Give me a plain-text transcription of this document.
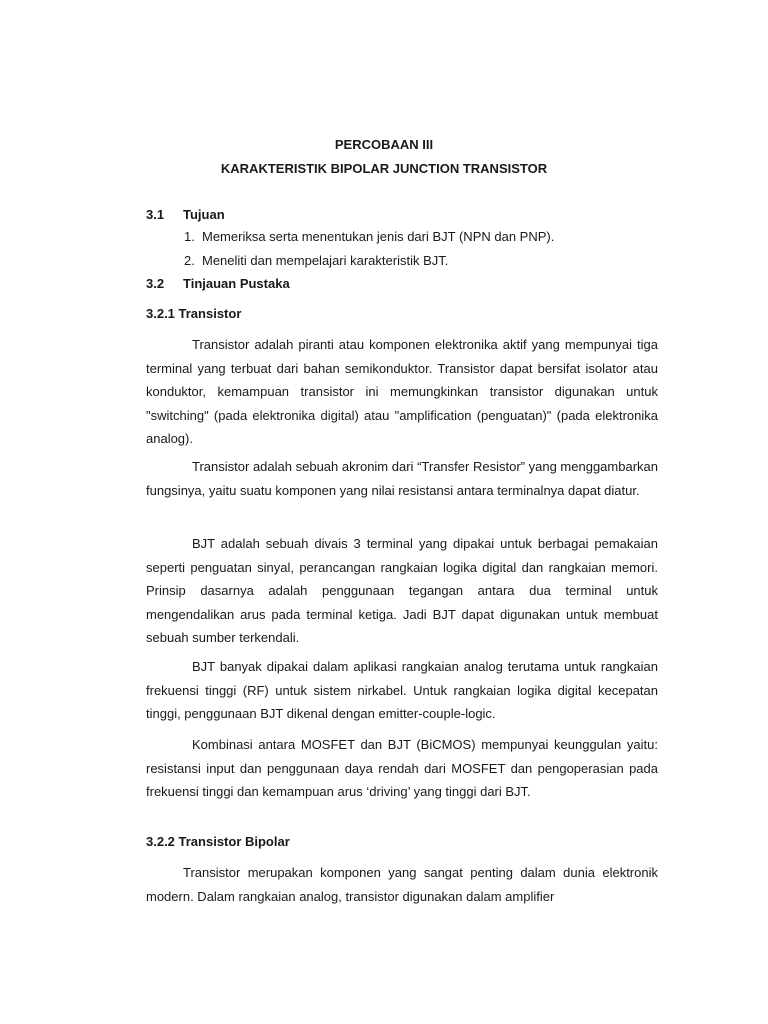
PERCOBAAN III
KARAKTERISTIK BIPOLAR JUNCTION TRANSISTOR
3.1 Tujuan
1. Memeriksa serta menentukan jenis dari BJT (NPN dan PNP).
2. Meneliti dan mempelajari karakteristik BJT.
3.2 Tinjauan Pustaka
3.2.1 Transistor

Transistor adalah piranti atau komponen elektronika aktif yang mempunyai tiga terminal yang terbuat dari bahan semikonduktor. Transistor dapat bersifat isolator atau konduktor, kemampuan transistor ini memungkinkan transistor digunakan untuk "switching" (pada elektronika digital) atau "amplification (penguatan)" (pada elektronika analog).

Transistor adalah sebuah akronim dari “Transfer Resistor” yang menggambarkan fungsinya, yaitu suatu komponen yang nilai resistansi antara terminalnya dapat diatur.

BJT adalah sebuah divais 3 terminal yang dipakai untuk berbagai pemakaian seperti penguatan sinyal, perancangan rangkaian logika digital dan rangkaian memori. Prinsip dasarnya adalah penggunaan tegangan antara dua terminal untuk mengendalikan arus pada terminal ketiga. Jadi BJT dapat digunakan untuk membuat sebuah sumber terkendali.

BJT banyak dipakai dalam aplikasi rangkaian analog terutama untuk rangkaian frekuensi tinggi (RF) untuk sistem nirkabel. Untuk rangkaian logika digital kecepatan tinggi, penggunaan BJT dikenal dengan emitter-couple-logic.

Kombinasi antara MOSFET dan BJT (BiCMOS) mempunyai keunggulan yaitu: resistansi input dan penggunaan daya rendah dari MOSFET dan pengoperasian pada frekuensi tinggi dan kemampuan arus ‘driving’ yang tinggi dari BJT.

3.2.2 Transistor Bipolar

Transistor merupakan komponen yang sangat penting dalam dunia elektronik modern. Dalam rangkaian analog, transistor digunakan dalam amplifier
